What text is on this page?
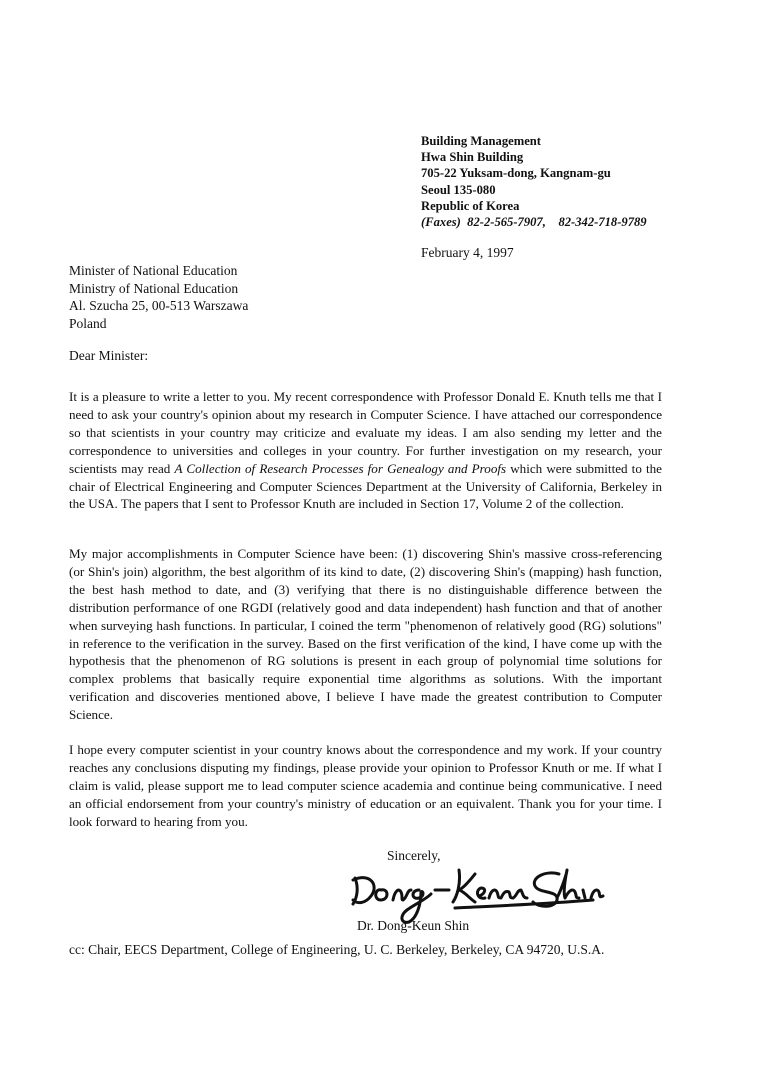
Building Management
Hwa Shin Building
705-22 Yuksam-dong, Kangnam-gu
Seoul 135-080
Republic of Korea
(Faxes) 82-2-565-7907,    82-342-718-9789
February 4, 1997
Minister of National Education
Ministry of National Education
Al. Szucha 25, 00-513 Warszawa
Poland
Dear Minister:

It is a pleasure to write a letter to you. My recent correspondence with Professor Donald E. Knuth tells me that I need to ask your country's opinion about my research in Computer Science. I have attached our correspondence so that scientists in your country may criticize and evaluate my ideas. I am also sending my letter and the correspondence to universities and colleges in your country. For further investigation on my research, your scientists may read A Collection of Research Processes for Genealogy and Proofs which were submitted to the chair of Electrical Engineering and Computer Sciences Department at the University of California, Berkeley in the USA. The papers that I sent to Professor Knuth are included in Section 17, Volume 2 of the collection.

My major accomplishments in Computer Science have been: (1) discovering Shin's massive cross-referencing (or Shin's join) algorithm, the best algorithm of its kind to date, (2) discovering Shin's (mapping) hash function, the best hash method to date, and (3) verifying that there is no distinguishable difference between the distribution performance of one RGDI (relatively good and data independent) hash function and that of another when surveying hash functions. In particular, I coined the term "phenomenon of relatively good (RG) solutions" in reference to the verification in the survey. Based on the first verification of the kind, I have come up with the hypothesis that the phenomenon of RG solutions is present in each group of polynomial time solutions for complex problems that basically require exponential time algorithms as solutions. With the important verification and discoveries mentioned above, I believe I have made the greatest contribution to Computer Science.

I hope every computer scientist in your country knows about the correspondence and my work. If your country reaches any conclusions disputing my findings, please provide your opinion to Professor Knuth or me. If what I claim is valid, please support me to lead computer science academia and continue being communicative. I need an official endorsement from your country's ministry of education or an equivalent. Thank you for your time. I look forward to hearing from you.

Sincerely,
Dr. Dong-Keun Shin
cc: Chair, EECS Department, College of Engineering, U. C. Berkeley, Berkeley, CA 94720, U.S.A.
